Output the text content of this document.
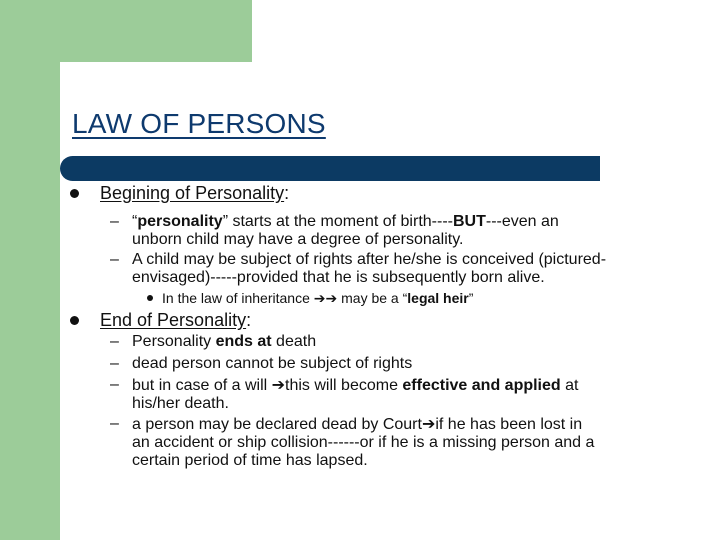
LAW OF PERSONS
Begining of Personality:
– “personality” starts at the moment of birth----BUT---even an
unborn child may have a degree of personality.
– A child may be subject of rights after he/she is conceived (pictured-
envisaged)-----provided that he is subsequently born alive.
In the law of inheritance ➔➔ may be a “legal heir”
End of Personality:
– Personality ends at death
– dead person cannot be subject of rights
– but in case of a will ➔this will become effective and applied at
his/her death.
– a person may be declared dead by Court➔if he has been lost in
an accident or ship collision------or if he is a missing person and a
certain period of time has lapsed.
